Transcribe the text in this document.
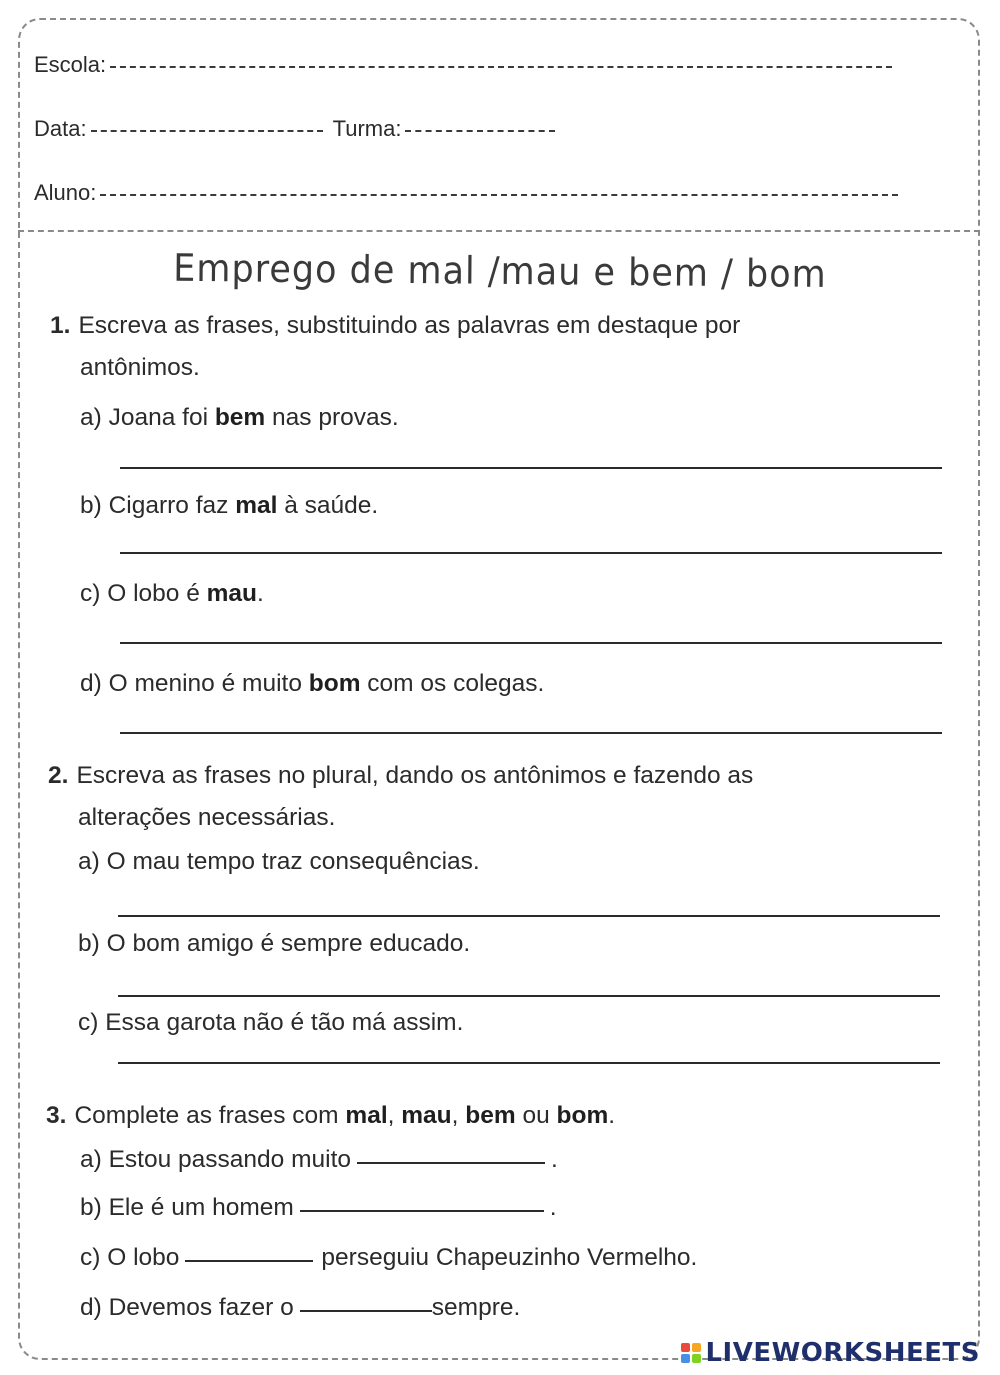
Escola:
Data:	Turma:
Aluno:
Emprego de mal /mau e bem / bom
1. Escreva as frases, substituindo as palavras em destaque por
antônimos.
a) Joana foi bem nas provas.
b) Cigarro faz mal à saúde.
c) O lobo é mau.
d) O menino é muito bom com os colegas.
2. Escreva as frases no plural, dando os antônimos e fazendo as
alterações necessárias.
a) O mau tempo traz consequências.
b) O bom amigo é sempre educado.
c) Essa garota não é tão má assim.
3. Complete as frases com mal, mau, bem ou bom.
a) Estou passando muito	.
b) Ele é um homem	.
c) O lobo	perseguiu Chapeuzinho Vermelho.
d) Devemos fazer o	sempre.
LIVEWORKSHEETS
